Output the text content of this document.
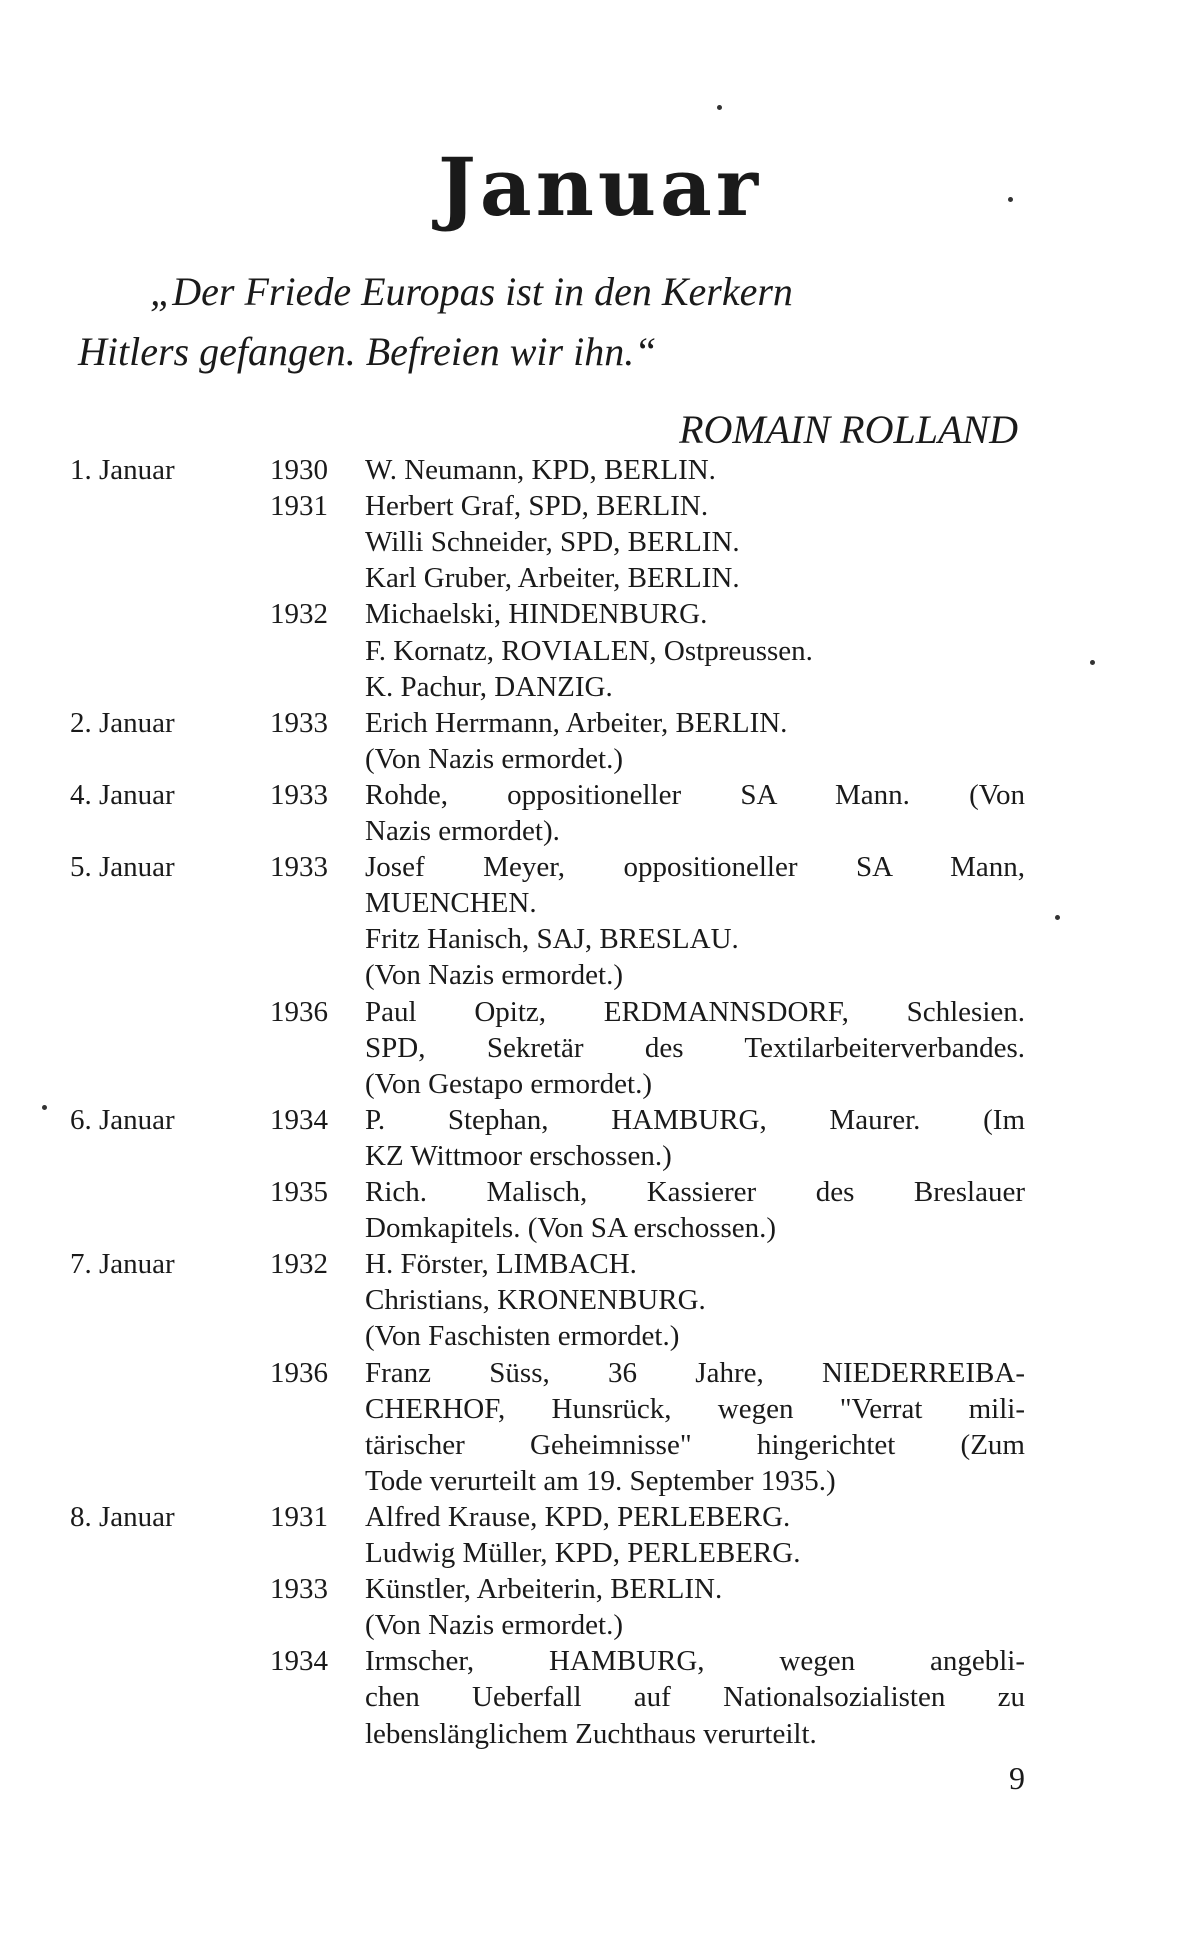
Januar
„Der Friede Europas ist in den Kerkern
Hitlers gefangen. Befreien wir ihn.“
ROMAIN ROLLAND
1. Januar	1930 W. Neumann, KPD, BERLIN.
1931 Herbert Graf, SPD, BERLIN.
Willi Schneider, SPD, BERLIN.
Karl Gruber, Arbeiter, BERLIN.
1932 Michaelski, HINDENBURG.
F. Kornatz, ROVIALEN, Ostpreussen.
K. Pachur, DANZIG.
2. Januar	1933 Erich Herrmann, Arbeiter, BERLIN.
(Von Nazis ermordet.)
4. Januar	1933 Rohde, oppositioneller SA Mann. (Von
Nazis ermordet).
5. Januar	1933 Josef Meyer, oppositioneller SA Mann,
MUENCHEN.
Fritz Hanisch, SAJ, BRESLAU.
(Von Nazis ermordet.)
1936 Paul Opitz, ERDMANNSDORF, Schlesien.
SPD, Sekretär des Textilarbeiterverbandes.
(Von Gestapo ermordet.)
6. Januar	1934 P. Stephan, HAMBURG, Maurer. (Im
KZ Wittmoor erschossen.)
1935 Rich. Malisch, Kassierer des Breslauer
Domkapitels. (Von SA erschossen.)
7. Januar	1932 H. Förster, LIMBACH.
Christians, KRONENBURG.
(Von Faschisten ermordet.)
1936 Franz Süss, 36 Jahre, NIEDERREIBA-
CHERHOF, Hunsrück, wegen "Verrat mili-
tärischer Geheimnisse" hingerichtet (Zum
Tode verurteilt am 19. September 1935.)
8. Januar	1931 Alfred Krause, KPD, PERLEBERG.
Ludwig Müller, KPD, PERLEBERG.
1933 Künstler, Arbeiterin, BERLIN.
(Von Nazis ermordet.)
1934 Irmscher, HAMBURG, wegen angebli-
chen Ueberfall auf Nationalsozialisten zu
lebenslänglichem Zuchthaus verurteilt.
9
